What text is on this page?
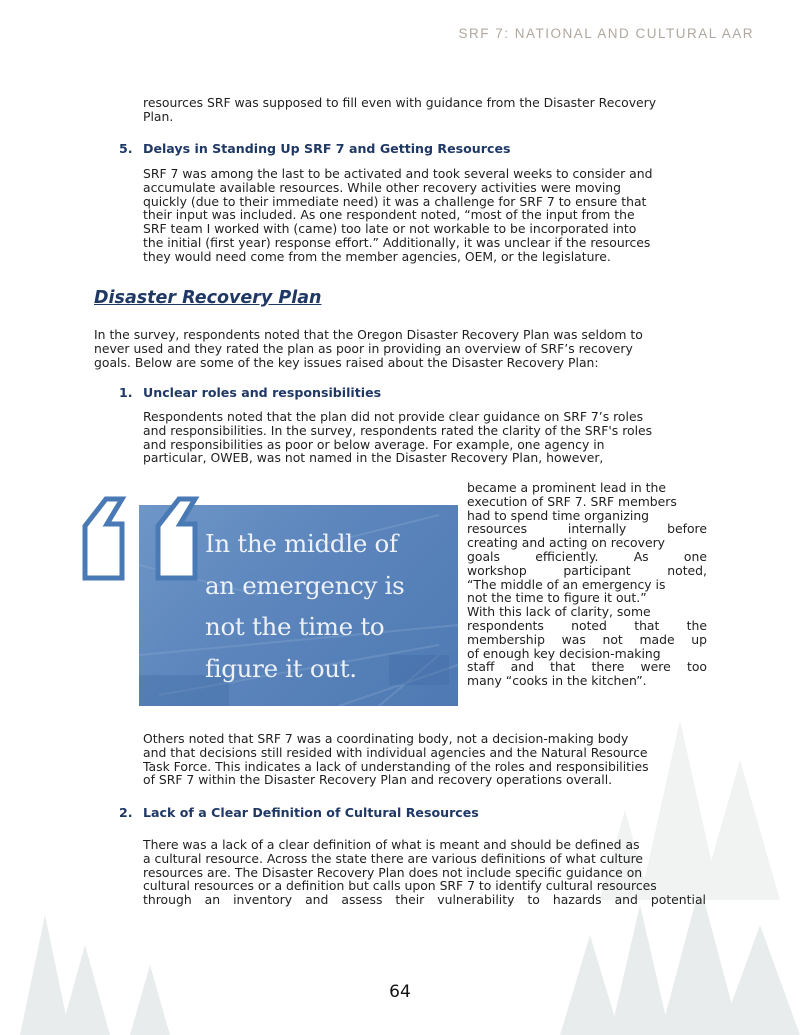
SRF 7: NATIONAL AND CULTURAL AAR

resources SRF was supposed to fill even with guidance from the Disaster Recovery

Plan.

5. Delays in Standing Up SRF 7 and Getting Resources

SRF 7 was among the last to be activated and took several weeks to consider and

accumulate available resources. While other recovery activities were moving

quickly (due to their immediate need) it was a challenge for SRF 7 to ensure that

their input was included. As one respondent noted, “most of the input from the

SRF team I worked with (came) too late or not workable to be incorporated into

the initial (first year) response effort.” Additionally, it was unclear if the resources

they would need come from the member agencies, OEM, or the legislature.

Disaster Recovery Plan

In the survey, respondents noted that the Oregon Disaster Recovery Plan was seldom to

never used and they rated the plan as poor in providing an overview of SRF’s recovery

goals. Below are some of the key issues raised about the Disaster Recovery Plan:

1. Unclear roles and responsibilities

Respondents noted that the plan did not provide clear guidance on SRF 7’s roles

and responsibilities. In the survey, respondents rated the clarity of the SRF's roles

and responsibilities as poor or below average. For example, one agency in

particular, OWEB, was not named in the Disaster Recovery Plan, however,

In the middle of
an emergency is
not the time to
figure it out.

became a prominent lead in the

execution of SRF 7. SRF members

had to spend time organizing

resources internally before

creating and acting on recovery

goals efficiently. As one

workshop participant noted,

“The middle of an emergency is

not the time to figure it out.”

With this lack of clarity, some

respondents noted that the

membership was not made up

of enough key decision-making

staff and that there were too

many “cooks in the kitchen”.

Others noted that SRF 7 was a coordinating body, not a decision-making body

and that decisions still resided with individual agencies and the Natural Resource

Task Force. This indicates a lack of understanding of the roles and responsibilities

of SRF 7 within the Disaster Recovery Plan and recovery operations overall.

2. Lack of a Clear Definition of Cultural Resources

There was a lack of a clear definition of what is meant and should be defined as

a cultural resource. Across the state there are various definitions of what culture

resources are. The Disaster Recovery Plan does not include specific guidance on

cultural resources or a definition but calls upon SRF 7 to identify cultural resources

through an inventory and assess their vulnerability to hazards and potential

64
